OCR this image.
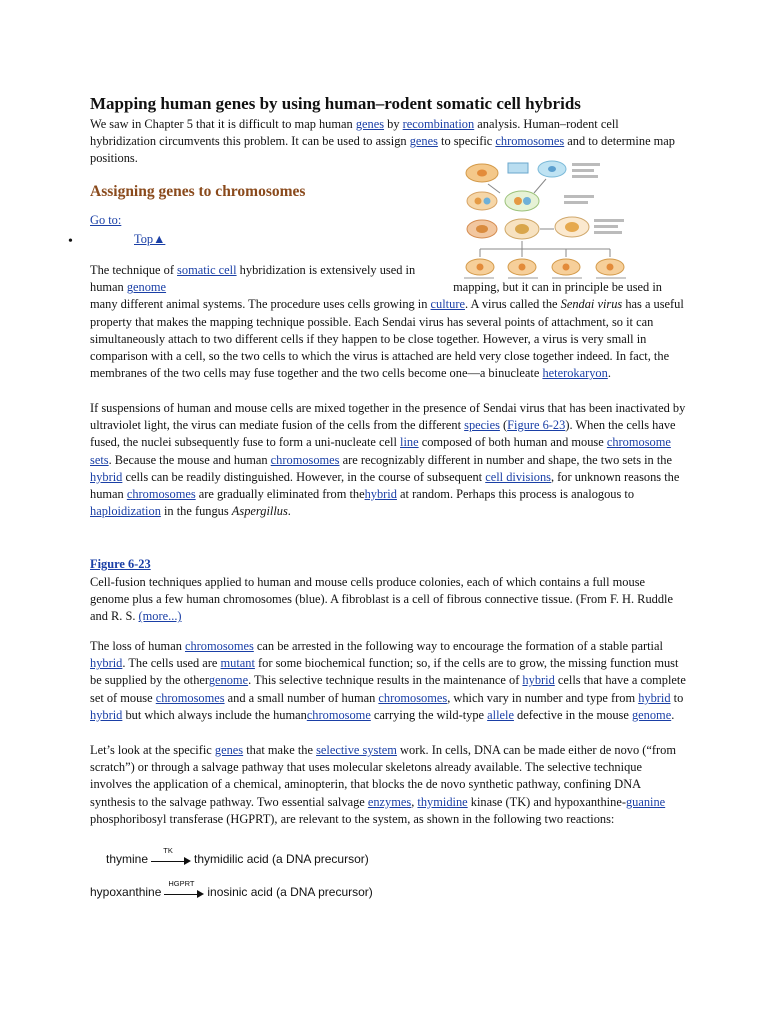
Mapping human genes by using human–rodent somatic cell hybrids

We saw in Chapter 5 that it is difficult to map human genes by recombination analysis. Human–rodent cell hybridization circumvents this problem. It can be used to assign genes to specific chromosomes and to determine map positions.

Assigning genes to chromosomes
Go to:
•	Top▲

The technique of somatic cell hybridization is extensively used in human genome	mapping, but it can in principle be used in many different animal systems. The procedure uses cells growing in culture. A virus called the Sendai virus has a useful property that makes the mapping technique possible. Each Sendai virus has several points of attachment, so it can simultaneously attach to two different cells if they happen to be close together. However, a virus is very small in comparison with a cell, so the two cells to which the virus is attached are held very close together indeed. In fact, the membranes of the two cells may fuse together and the two cells become one—a binucleate heterokaryon.

If suspensions of human and mouse cells are mixed together in the presence of Sendai virus that has been inactivated by ultraviolet light, the virus can mediate fusion of the cells from the different species (Figure 6-23). When the cells have fused, the nuclei subsequently fuse to form a uni-nucleate cell line composed of both human and mouse chromosome sets. Because the mouse and human chromosomes are recognizably different in number and shape, the two sets in the hybrid cells can be readily distinguished. However, in the course of subsequent cell divisions, for unknown reasons the human chromosomes are gradually eliminated from thehybrid at random. Perhaps this process is analogous to haploidization in the fungus Aspergillus.

Figure 6-23

Cell-fusion techniques applied to human and mouse cells produce colonies, each of which contains a full mouse genome plus a few human chromosomes (blue). A fibroblast is a cell of fibrous connective tissue. (From F. H. Ruddle and R. S. (more...)

The loss of human chromosomes can be arrested in the following way to encourage the formation of a stable partial hybrid. The cells used are mutant for some biochemical function; so, if the cells are to grow, the missing function must be supplied by the othergenome. This selective technique results in the maintenance of hybrid cells that have a complete set of mouse chromosomes and a small number of human chromosomes, which vary in number and type from hybrid to hybrid but which always include the humanchromosome carrying the wild-type allele defective in the mouse genome.

Let’s look at the specific genes that make the selective system work. In cells, DNA can be made either de novo (“from scratch”) or through a salvage pathway that uses molecular skeletons already available. The selective technique involves the application of a chemical, aminopterin, that blocks the de novo synthetic pathway, confining DNA synthesis to the salvage pathway. Two essential salvage enzymes, thymidine kinase (TK) and hypoxanthine-guanine phosphoribosyl transferase (HGPRT), are relevant to the system, as shown in the following two reactions:

thymine
TK
thymidilic acid (a DNA precursor)
hypoxanthine
HGPRT
inosinic acid (a DNA precursor)
